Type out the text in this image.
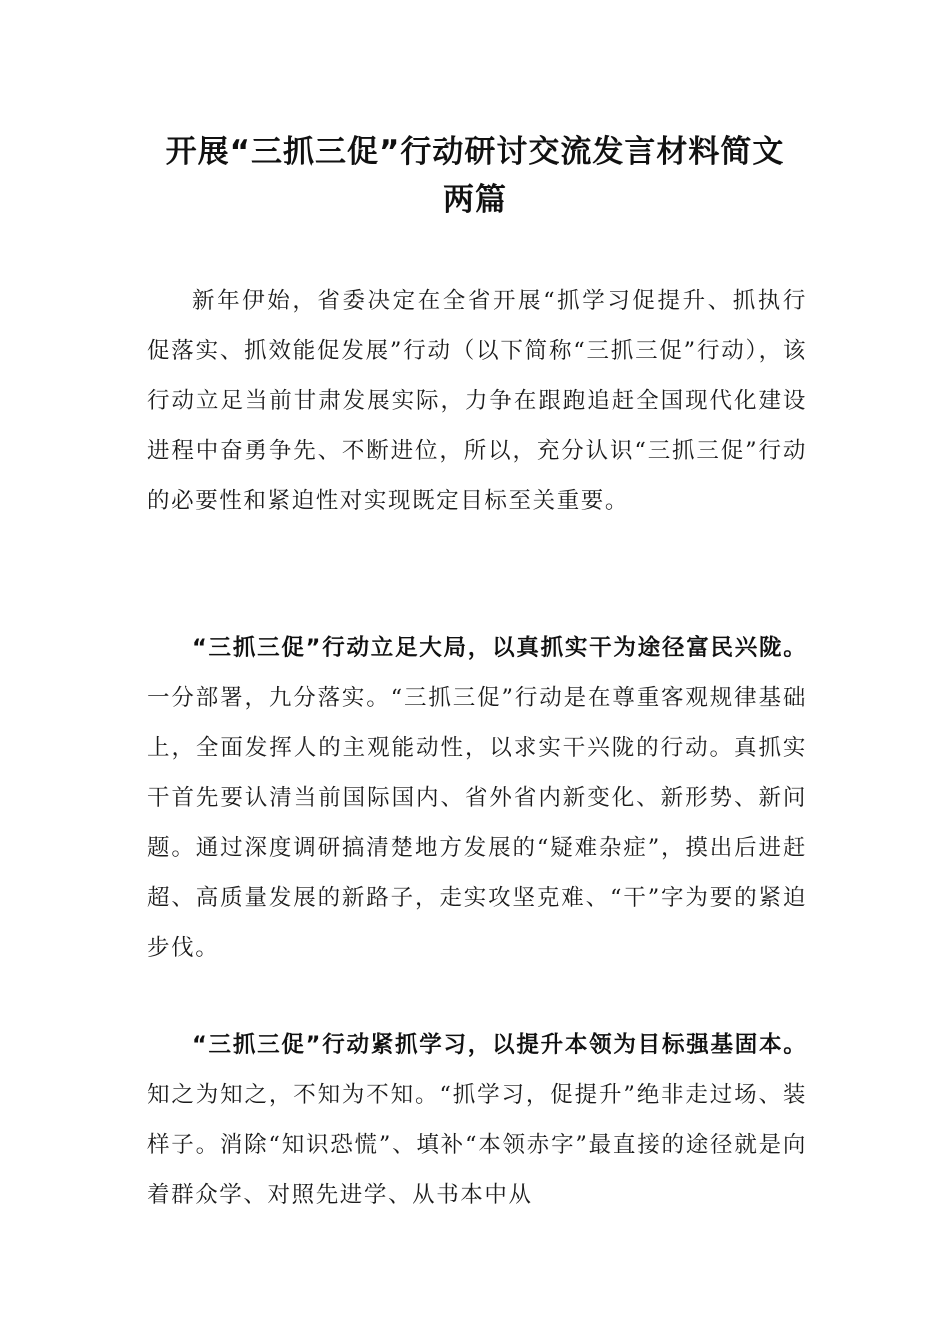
开展“三抓三促”行动研讨交流发言材料简文
两篇

新年伊始，省委决定在全省开展“抓学习促提升、抓执行促落实、抓效能促发展”行动（以下简称“三抓三促”行动），该行动立足当前甘肃发展实际，力争在跟跑追赶全国现代化建设进程中奋勇争先、不断进位，所以，充分认识“三抓三促”行动的必要性和紧迫性对实现既定目标至关重要。

“三抓三促”行动立足大局，以真抓实干为途径富民兴陇。一分部署，九分落实。“三抓三促”行动是在尊重客观规律基础上，全面发挥人的主观能动性，以求实干兴陇的行动。真抓实干首先要认清当前国际国内、省外省内新变化、新形势、新问题。通过深度调研搞清楚地方发展的“疑难杂症”，摸出后进赶超、高质量发展的新路子，走实攻坚克难、“干”字为要的紧迫步伐。

“三抓三促”行动紧抓学习，以提升本领为目标强基固本。知之为知之，不知为不知。“抓学习，促提升”绝非走过场、装样子。消除“知识恐慌”、填补“本领赤字”最直接的途径就是向着群众学、对照先进学、从书本中从
